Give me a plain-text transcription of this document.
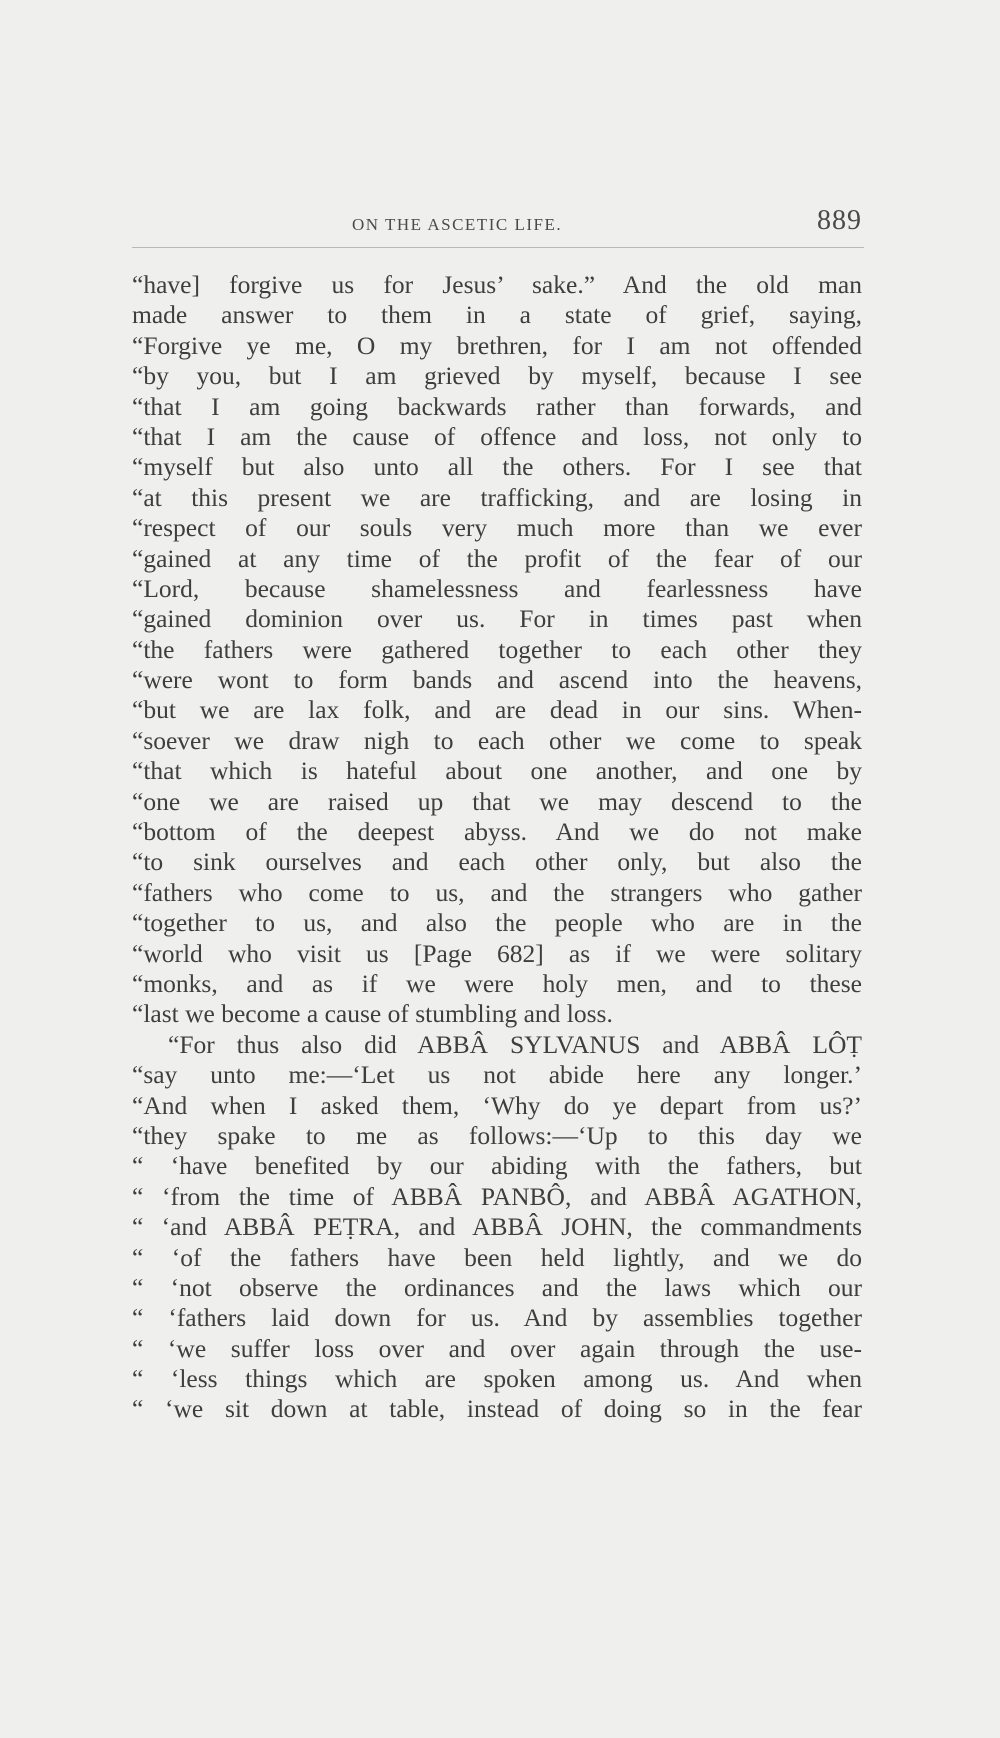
ON THE ASCETIC LIFE.	889
“have] forgive us for Jesus’ sake.” And the old man
made answer to them in a state of grief, saying,
“Forgive ye me, O my brethren, for I am not offended
“by you, but I am grieved by myself, because I see
“that I am going backwards rather than forwards, and
“that I am the cause of offence and loss, not only to
“myself but also unto all the others. For I see that
“at this present we are trafficking, and are losing in
“respect of our souls very much more than we ever
“gained at any time of the profit of the fear of our
“Lord, because shamelessness and fearlessness have
“gained dominion over us. For in times past when
“the fathers were gathered together to each other they
“were wont to form bands and ascend into the heavens,
“but we are lax folk, and are dead in our sins. When-
“soever we draw nigh to each other we come to speak
“that which is hateful about one another, and one by
“one we are raised up that we may descend to the
“bottom of the deepest abyss. And we do not make
“to sink ourselves and each other only, but also the
“fathers who come to us, and the strangers who gather
“together to us, and also the people who are in the
“world who visit us [Page 682] as if we were solitary
“monks, and as if we were holy men, and to these
“last we become a cause of stumbling and loss.
“For thus also did ABBÂ SYLVANUS and ABBÂ LÔṬ
“say unto me:—‘Let us not abide here any longer.’
“And when I asked them, ‘Why do ye depart from us?’
“they spake to me as follows:—‘Up to this day we
“ ‘have benefited by our abiding with the fathers, but
“ ‘from the time of ABBÂ PANBÔ, and ABBÂ AGATHON,
“ ‘and ABBÂ PEṬRA, and ABBÂ JOHN, the commandments
“ ‘of the fathers have been held lightly, and we do
“ ‘not observe the ordinances and the laws which our
“ ‘fathers laid down for us. And by assemblies together
“ ‘we suffer loss over and over again through the use-
“ ‘less things which are spoken among us. And when
“ ‘we sit down at table, instead of doing so in the fear
